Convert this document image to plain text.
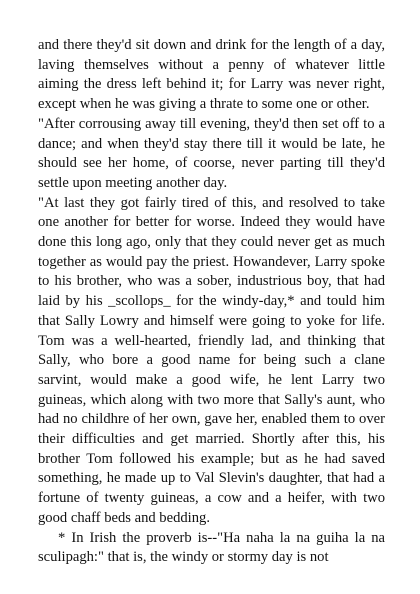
and there they'd sit down and drink for the length of a day, laving themselves without a penny of whatever little aiming the dress left behind it; for Larry was never right, except when he was giving a thrate to some one or other.

"After corrousing away till evening, they'd then set off to a dance; and when they'd stay there till it would be late, he should see her home, of coorse, never parting till they'd settle upon meeting another day.

"At last they got fairly tired of this, and resolved to take one another for better for worse. Indeed they would have done this long ago, only that they could never get as much together as would pay the priest. Howandever, Larry spoke to his brother, who was a sober, industrious boy, that had laid by his _scollops_ for the windy-day,* and tould him that Sally Lowry and himself were going to yoke for life. Tom was a well-hearted, friendly lad, and thinking that Sally, who bore a good name for being such a clane sarvint, would make a good wife, he lent Larry two guineas, which along with two more that Sally's aunt, who had no childhre of her own, gave her, enabled them to over their difficulties and get married. Shortly after this, his brother Tom followed his example; but as he had saved something, he made up to Val Slevin's daughter, that had a fortune of twenty guineas, a cow and a heifer, with two good chaff beds and bedding.

* In Irish the proverb is--"Ha naha la na guiha la na sculipagh:" that is, the windy or stormy day is not
